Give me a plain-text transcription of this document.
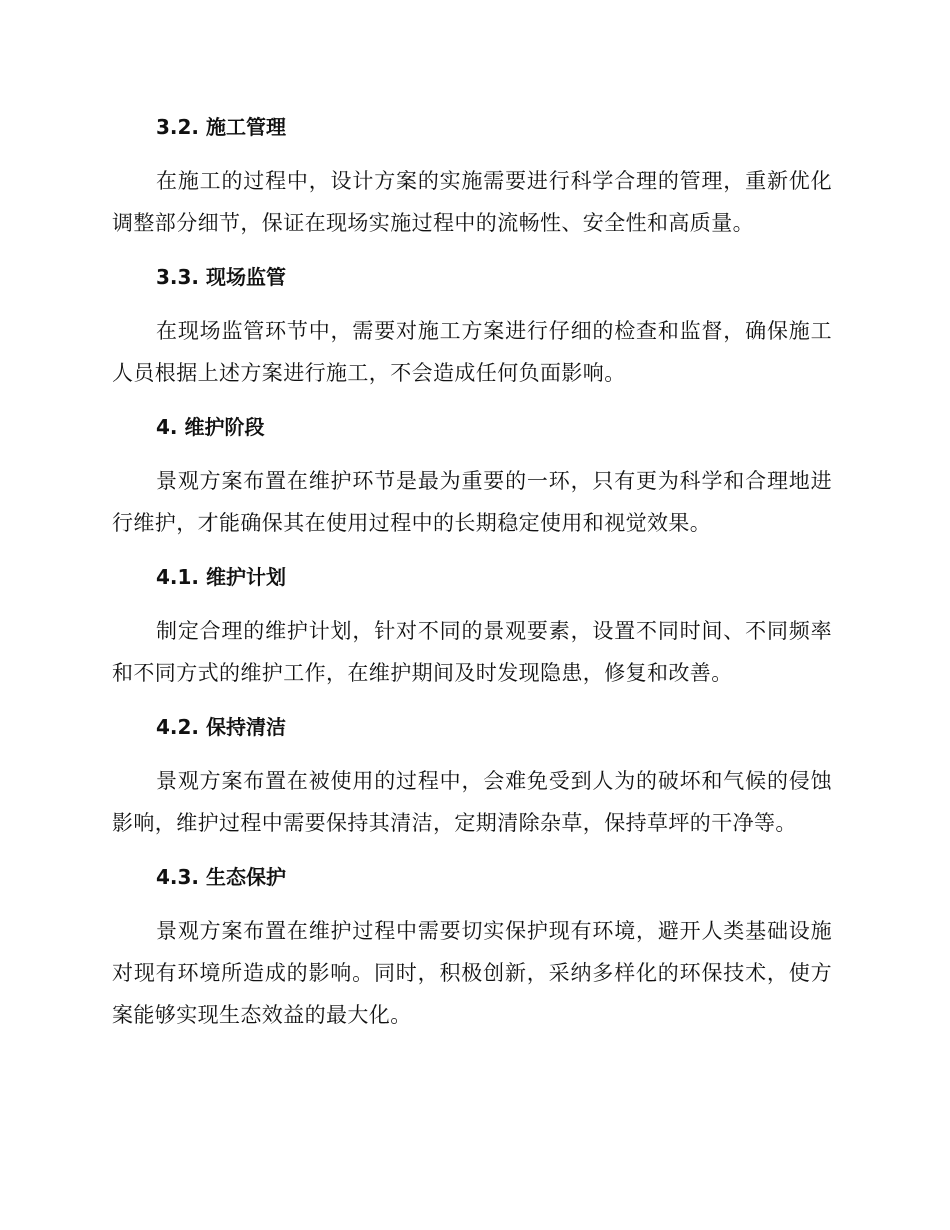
3.2. 施工管理

在施工的过程中，设计方案的实施需要进行科学合理的管理，重新优化调整部分细节，保证在现场实施过程中的流畅性、安全性和高质量。

3.3. 现场监管

在现场监管环节中，需要对施工方案进行仔细的检查和监督，确保施工人员根据上述方案进行施工，不会造成任何负面影响。

4. 维护阶段

景观方案布置在维护环节是最为重要的一环，只有更为科学和合理地进行维护，才能确保其在使用过程中的长期稳定使用和视觉效果。

4.1. 维护计划

制定合理的维护计划，针对不同的景观要素，设置不同时间、不同频率和不同方式的维护工作，在维护期间及时发现隐患，修复和改善。

4.2. 保持清洁

景观方案布置在被使用的过程中，会难免受到人为的破坏和气候的侵蚀影响，维护过程中需要保持其清洁，定期清除杂草，保持草坪的干净等。

4.3. 生态保护

景观方案布置在维护过程中需要切实保护现有环境，避开人类基础设施对现有环境所造成的影响。同时，积极创新，采纳多样化的环保技术，使方案能够实现生态效益的最大化。
